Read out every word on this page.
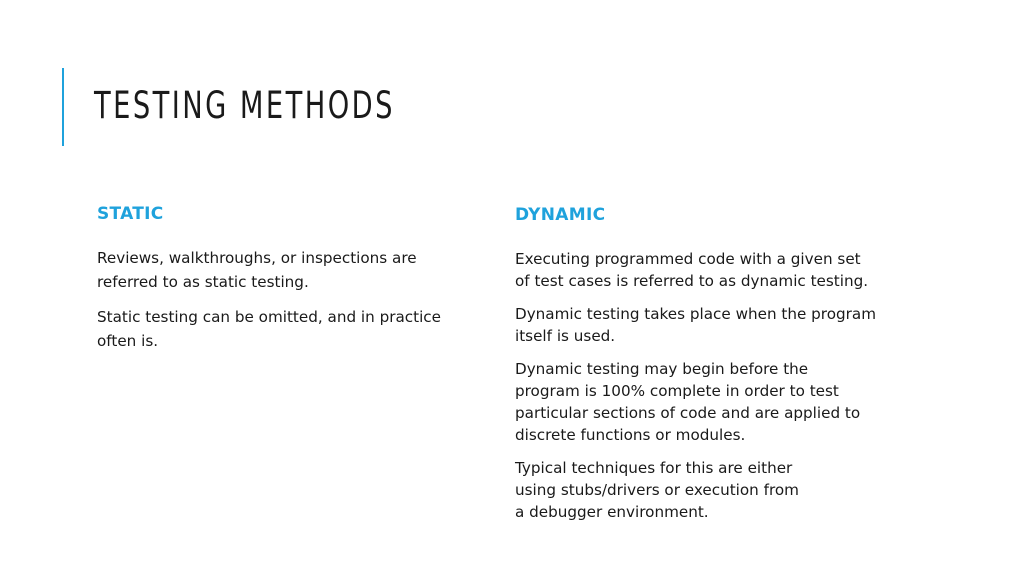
TESTING METHODS
STATIC

Reviews, walkthroughs, or inspections are
referred to as static testing.

Static testing can be omitted, and in practice
often is.

DYNAMIC

Executing programmed code with a given set
of test cases is referred to as dynamic testing.

Dynamic testing takes place when the program
itself is used.

Dynamic testing may begin before the
program is 100% complete in order to test
particular sections of code and are applied to
discrete functions or modules.

Typical techniques for this are either
using stubs/drivers or execution from
a debugger environment.
